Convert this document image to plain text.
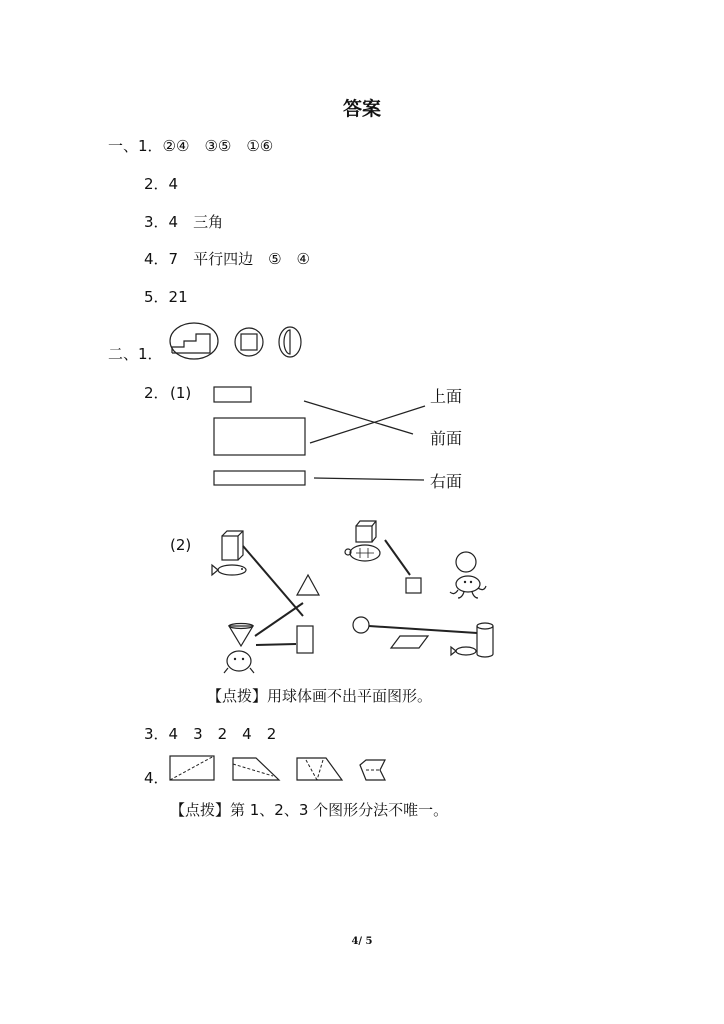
答案
一、1．②④　③⑤　①⑥
2．4
3．4　三角
4．7　平行四边　⑤　④
5．21
二、1．
2． (1)	上面
前面
右面
(2)
【点拨】用球体画不出平面图形。
3．4　3　2　4　2
4．
【点拨】第 1、2、3 个图形分法不唯一。
4/ 5
